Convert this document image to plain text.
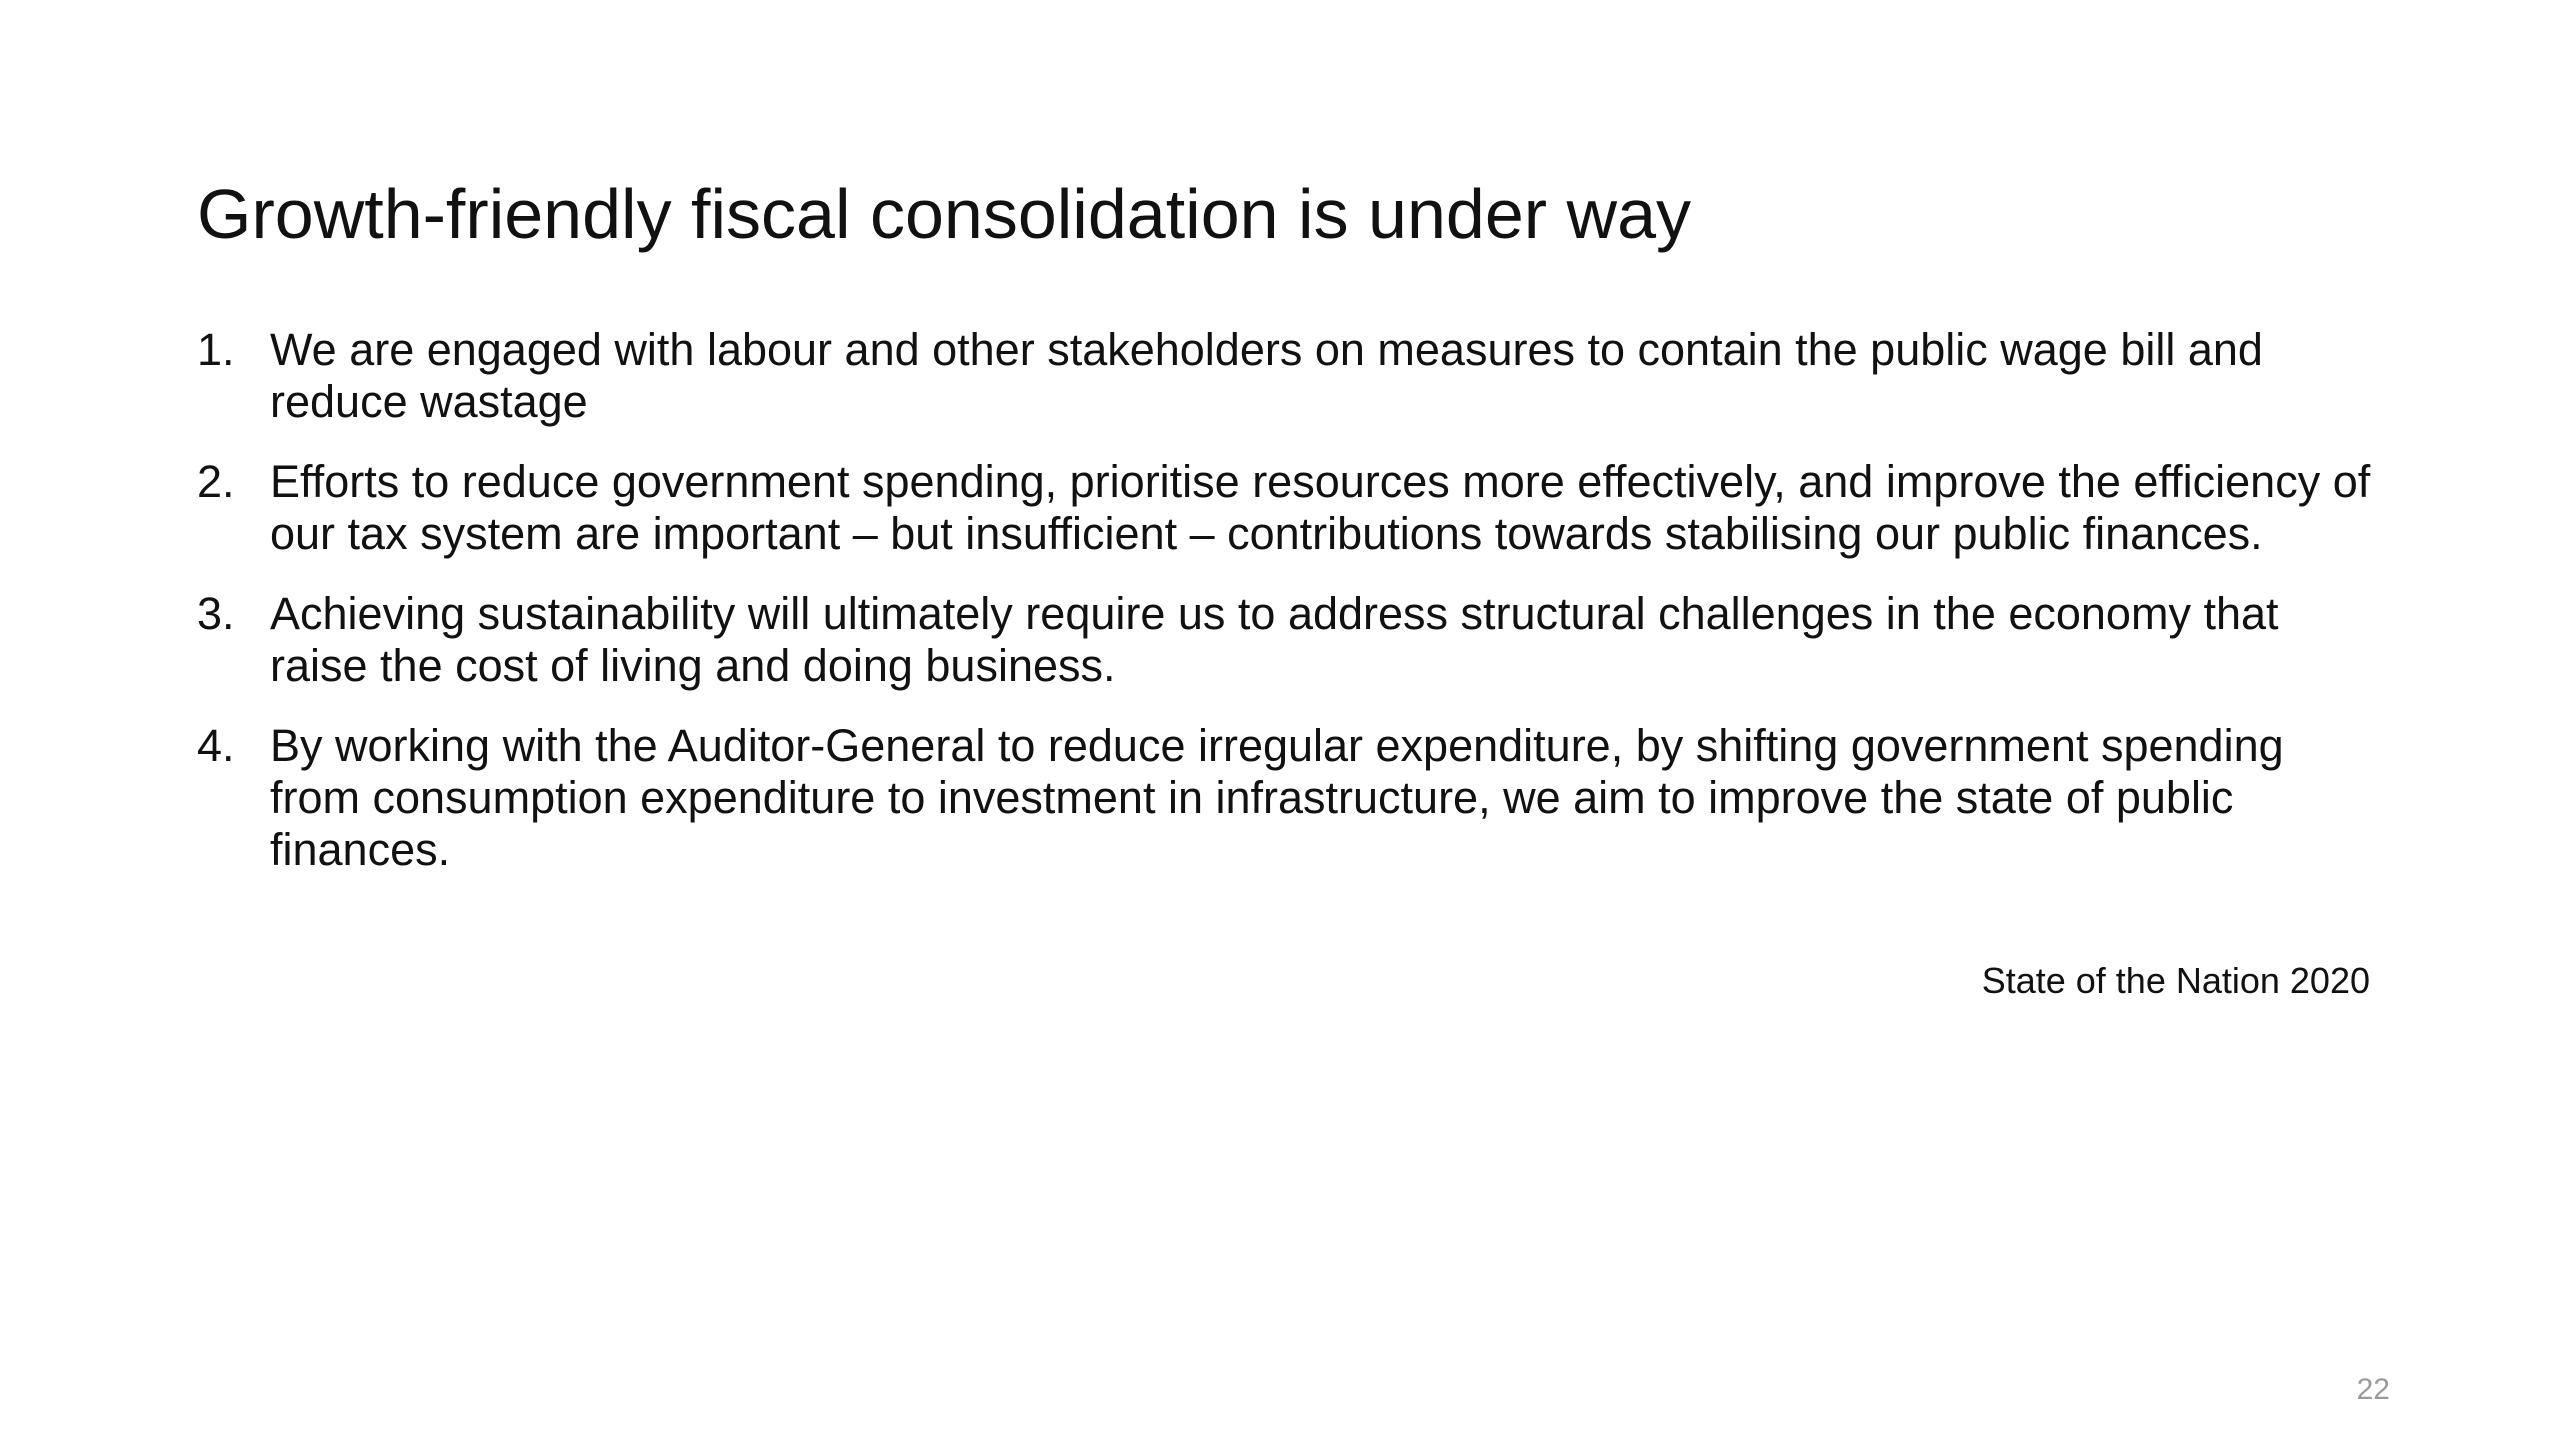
Growth-friendly fiscal consolidation is under way
1. We are engaged with labour and other stakeholders on measures to contain the public wage bill and reduce wastage
2. Efforts to reduce government spending, prioritise resources more effectively, and improve the efficiency of our tax system are important – but insufficient – contributions towards stabilising our public finances.
3. Achieving sustainability will ultimately require us to address structural challenges in the economy that raise the cost of living and doing business.
4. By working with the Auditor-General to reduce irregular expenditure, by shifting government spending from consumption expenditure to investment in infrastructure, we aim to improve the state of public finances.
State of the Nation 2020
22
